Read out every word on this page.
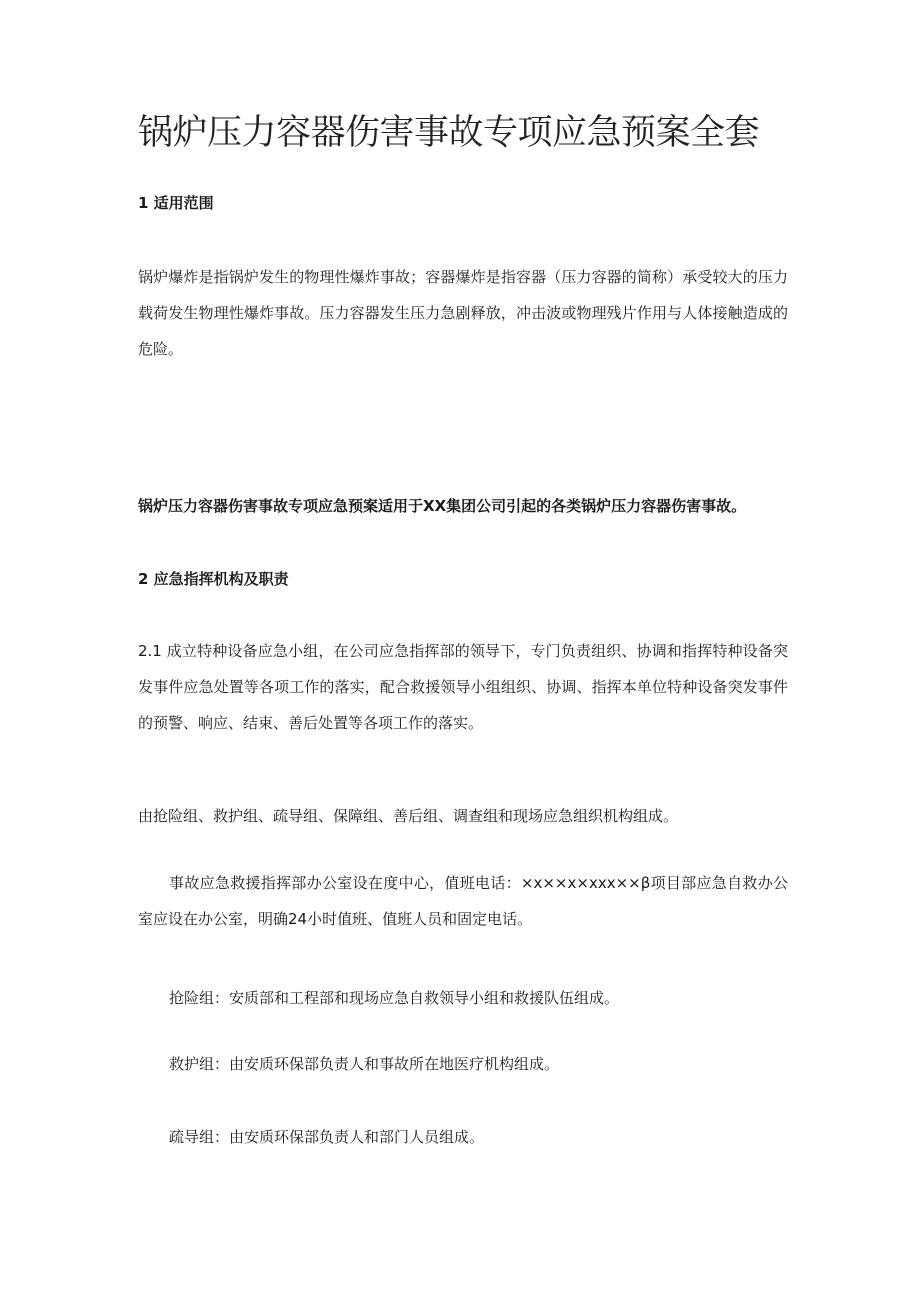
锅炉压力容器伤害事故专项应急预案全套
1 适用范围
锅炉爆炸是指锅炉发生的物理性爆炸事故；容器爆炸是指容器（压力容器的简称）承受较大的压力载荷发生物理性爆炸事故。压力容器发生压力急剧释放，冲击波或物理残片作用与人体接触造成的危险。
锅炉压力容器伤害事故专项应急预案适用于XX集团公司引起的各类锅炉压力容器伤害事故。
2 应急指挥机构及职责
2.1 成立特种设备应急小组，在公司应急指挥部的领导下，专门负责组织、协调和指挥特种设备突发事件应急处置等各项工作的落实，配合救援领导小组组织、协调、指挥本单位特种设备突发事件的预警、响应、结束、善后处置等各项工作的落实。
由抢险组、救护组、疏导组、保障组、善后组、调查组和现场应急组织机构组成。
事故应急救援指挥部办公室设在度中心，值班电话：×x××x×xxx××β项目部应急自救办公室应设在办公室，明确24小时值班、值班人员和固定电话。
抢险组：安质部和工程部和现场应急自救领导小组和救援队伍组成。
救护组：由安质环保部负责人和事故所在地医疗机构组成。
疏导组：由安质环保部负责人和部门人员组成。
